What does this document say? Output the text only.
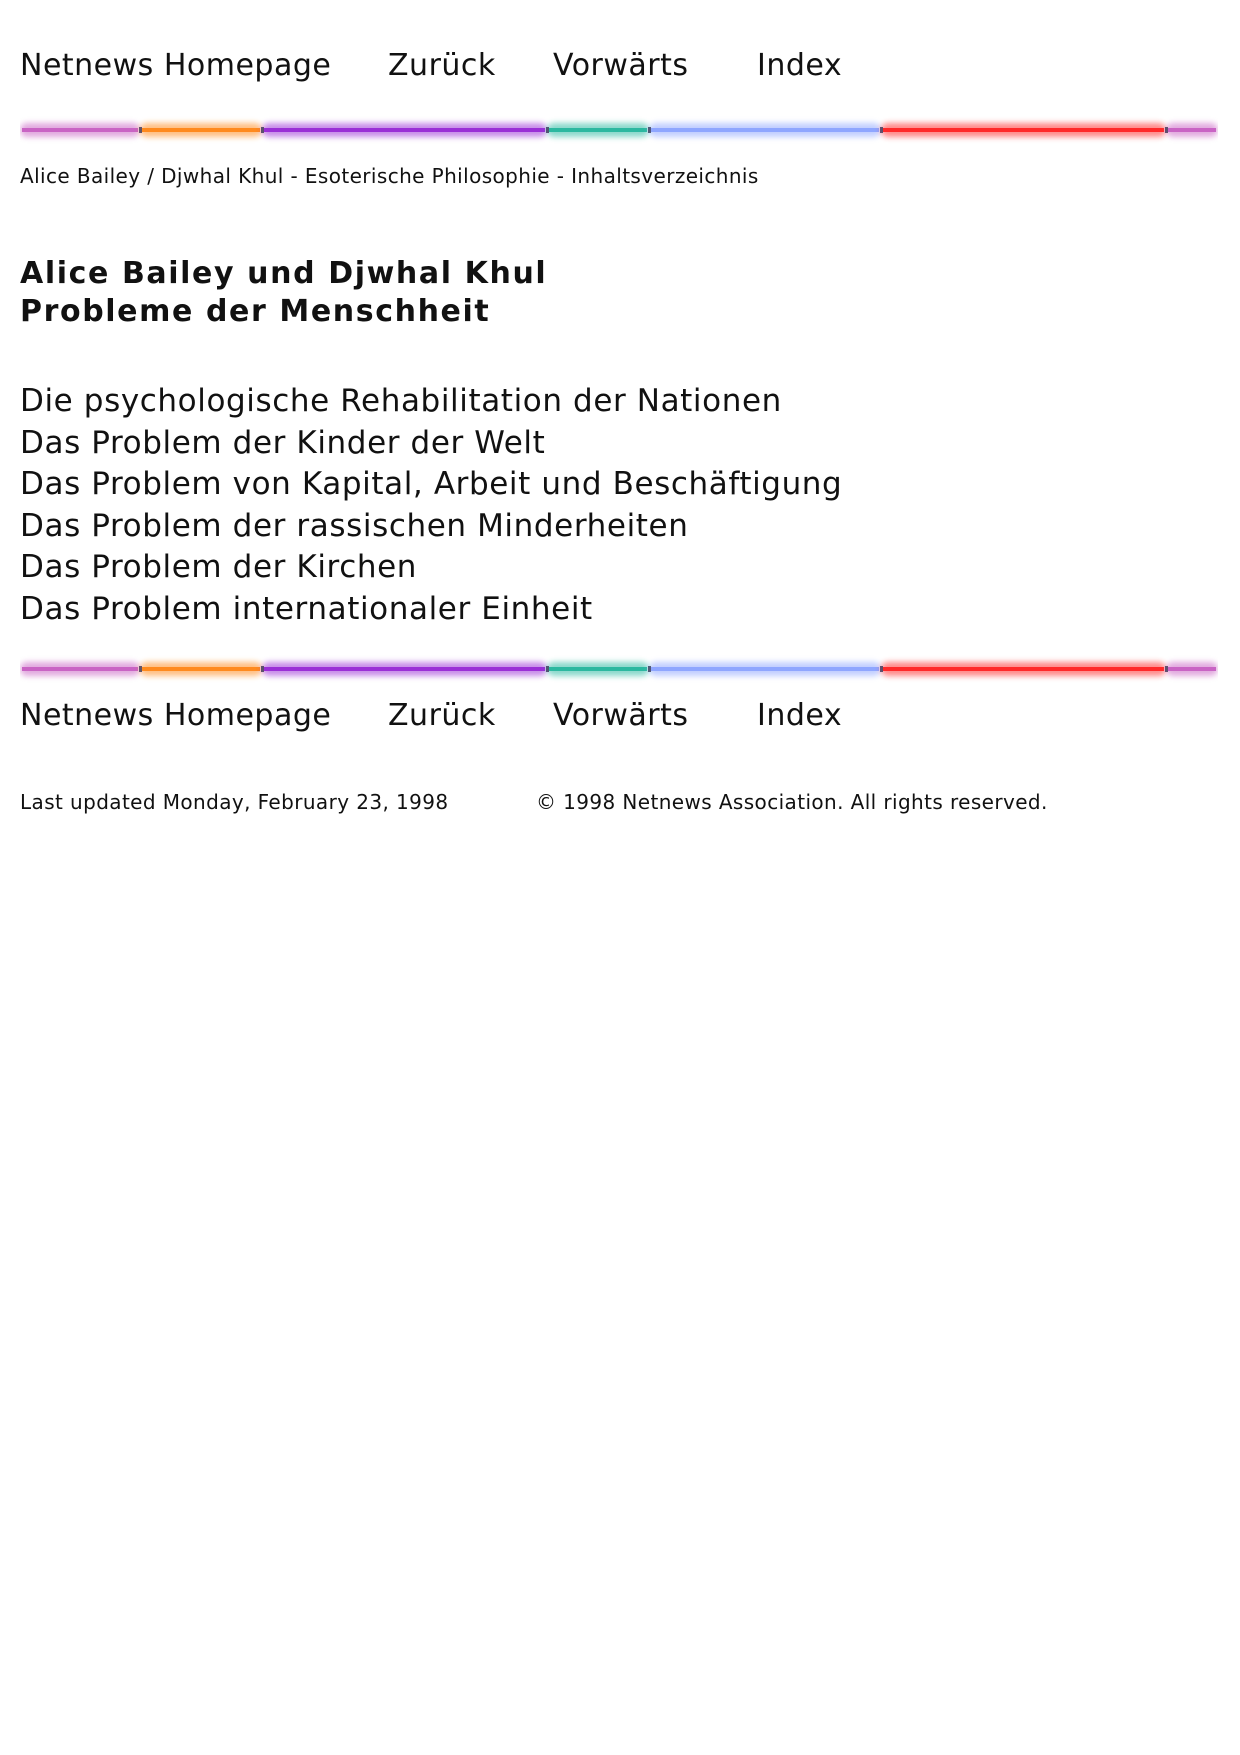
Netnews Homepage Zurück Vorwärts Index
Alice Bailey / Djwhal Khul - Esoterische Philosophie - Inhaltsverzeichnis
Alice Bailey und Djwhal Khul
Probleme der Menschheit
Die psychologische Rehabilitation der Nationen
Das Problem der Kinder der Welt
Das Problem von Kapital, Arbeit und Beschäftigung
Das Problem der rassischen Minderheiten
Das Problem der Kirchen
Das Problem internationaler Einheit
Netnews Homepage Zurück Vorwärts Index
Last updated Monday, February 23, 1998	© 1998 Netnews Association. All rights reserved.
